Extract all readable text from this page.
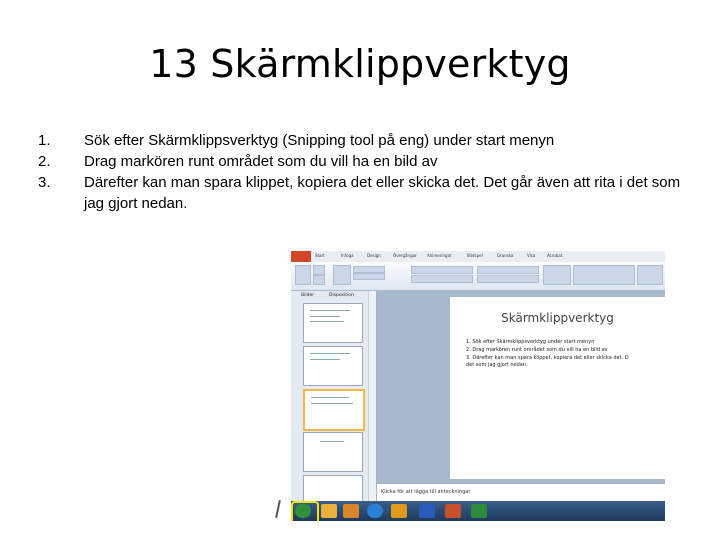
13 Skärmklippverktyg
1.	Sök efter Skärmklippsverktyg (Snipping tool på eng) under start menyn
2.	Drag markören runt området som du vill ha en bild av
3.	Därefter kan man spara klippet, kopiera det eller skicka det. Det går även att rita i det som jag gjort nedan.
Start	Infoga	Design	Övergångar	Animeringar	Bildspel	Granska	Visa	Acrobat
Bilder	Disposition
Skärmklippverktyg
1. Sök efter Skärmklippsverktyg under start menyn
2. Drag markören runt området som du vill ha en bild av
3. Därefter kan man spara klippet, kopiera det eller skicka det. D
det som jag gjort nedan.
Klicka för att lägga till anteckningar
